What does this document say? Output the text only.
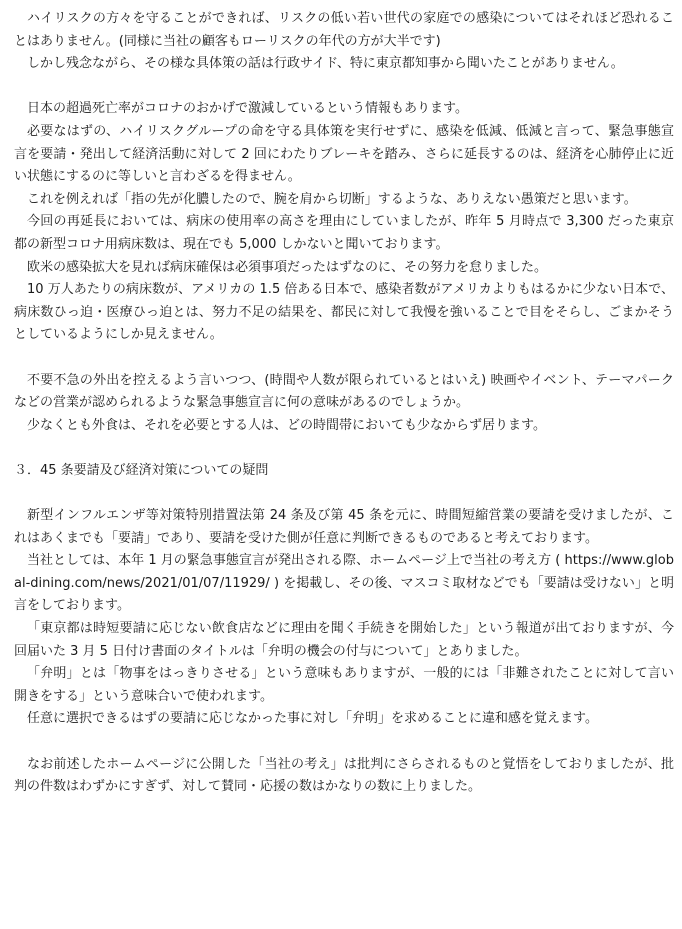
ハイリスクの方々を守ることができれば、リスクの低い若い世代の家庭での感染についてはそれほど恐れることはありません。(同様に当社の顧客もローリスクの年代の方が大半です)

しかし残念ながら、その様な具体策の話は行政サイド、特に東京都知事から聞いたことがありません。

日本の超過死亡率がコロナのおかげで激減しているという情報もあります。

必要なはずの、ハイリスクグループの命を守る具体策を実行せずに、感染を低減、低減と言って、緊急事態宣言を要請・発出して経済活動に対して 2 回にわたりブレーキを踏み、さらに延長するのは、経済を心肺停止に近い状態にするのに等しいと言わざるを得ません。

これを例えれば「指の先が化膿したので、腕を肩から切断」するような、ありえない愚策だと思います。

今回の再延長においては、病床の使用率の高さを理由にしていましたが、昨年 5 月時点で 3,300 だった東京都の新型コロナ用病床数は、現在でも 5,000 しかないと聞いております。

欧米の感染拡大を見れば病床確保は必須事項だったはずなのに、その努力を怠りました。

10 万人あたりの病床数が、アメリカの 1.5 倍ある日本で、感染者数がアメリカよりもはるかに少ない日本で、病床数ひっ迫・医療ひっ迫とは、努力不足の結果を、都民に対して我慢を強いることで目をそらし、ごまかそうとしているようにしか見えません。

不要不急の外出を控えるよう言いつつ、(時間や人数が限られているとはいえ) 映画やイベント、テーマパークなどの営業が認められるような緊急事態宣言に何の意味があるのでしょうか。

少なくとも外食は、それを必要とする人は、どの時間帯においても少なからず居ります。

３．45 条要請及び経済対策についての疑問

新型インフルエンザ等対策特別措置法第 24 条及び第 45 条を元に、時間短縮営業の要請を受けましたが、これはあくまでも「要請」であり、要請を受けた側が任意に判断できるものであると考えております。

当社としては、本年 1 月の緊急事態宣言が発出される際、ホームページ上で当社の考え方 ( https://www.global-dining.com/news/2021/01/07/11929/ ) を掲載し、その後、マスコミ取材などでも「要請は受けない」と明言をしております。

「東京都は時短要請に応じない飲食店などに理由を聞く手続きを開始した」という報道が出ておりますが、今回届いた 3 月 5 日付け書面のタイトルは「弁明の機会の付与について」とありました。

「弁明」とは「物事をはっきりさせる」という意味もありますが、一般的には「非難されたことに対して言い開きをする」という意味合いで使われます。

任意に選択できるはずの要請に応じなかった事に対し「弁明」を求めることに違和感を覚えます。

なお前述したホームページに公開した「当社の考え」は批判にさらされるものと覚悟をしておりましたが、批判の件数はわずかにすぎず、対して賛同・応援の数はかなりの数に上りました。
